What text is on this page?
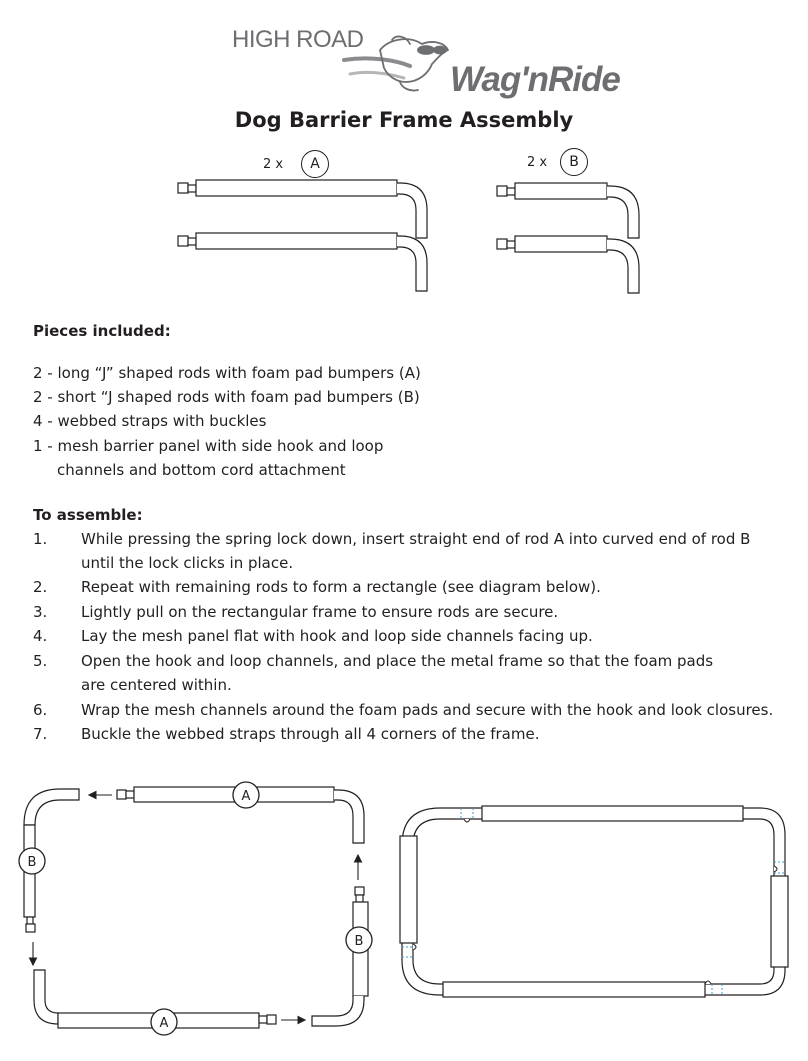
HIGH ROAD
Wag'nRide
Dog Barrier Frame Assembly
2 x	A	2 x	B
Pieces included:
2 - long “J” shaped rods with foam pad bumpers (A)
2 - short “J shaped rods with foam pad bumpers (B)
4 - webbed straps with buckles
1 - mesh barrier panel with side hook and loop
channels and bottom cord attachment
To assemble:
1. While pressing the spring lock down, insert straight end of rod A into curved end of rod B
until the lock clicks in place.
2. Repeat with remaining rods to form a rectangle (see diagram below).
3. Lightly pull on the rectangular frame to ensure rods are secure.
4. Lay the mesh panel flat with hook and loop side channels facing up.
5. Open the hook and loop channels, and place the metal frame so that the foam pads
are centered within.
6. Wrap the mesh channels around the foam pads and secure with the hook and look closures.
7. Buckle the webbed straps through all 4 corners of the frame.
A
B
B
A
